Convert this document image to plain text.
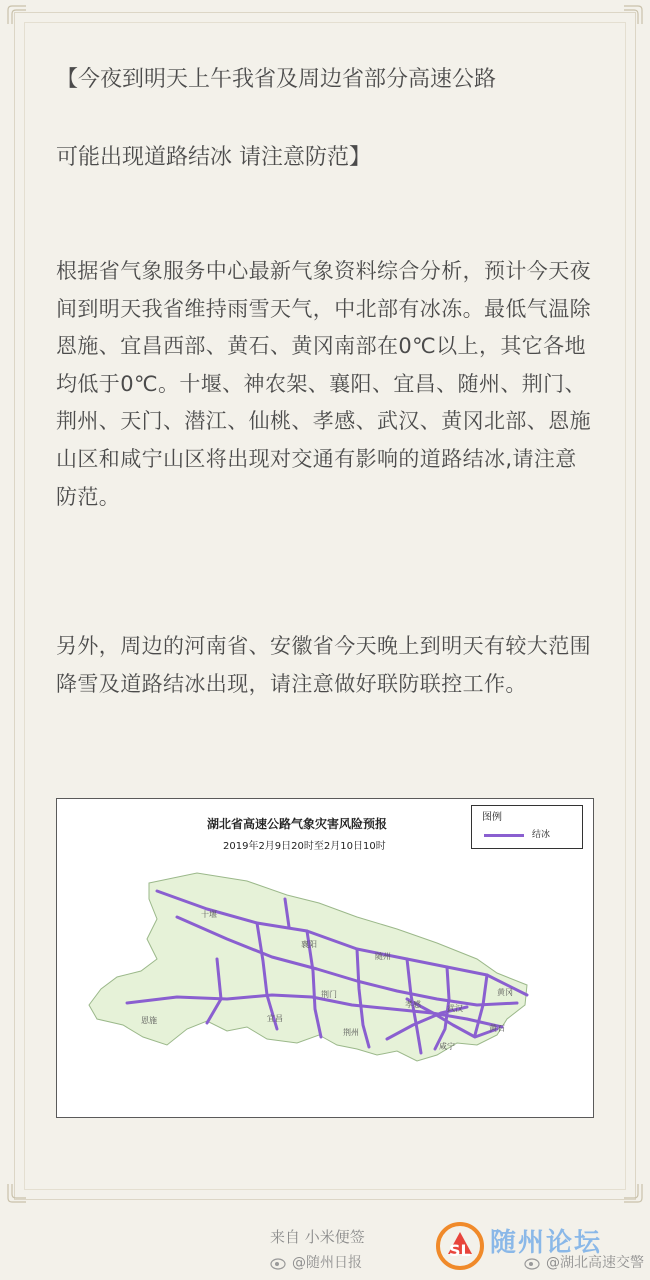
【今夜到明天上午我省及周边省部分高速公路
可能出现道路结冰 请注意防范】

根据省气象服务中心最新气象资料综合分析，预计今天夜间到明天我省维持雨雪天气，中北部有冰冻。最低气温除恩施、宜昌西部、黄石、黄冈南部在0℃以上，其它各地均低于0℃。十堰、神农架、襄阳、宜昌、随州、荆门、荆州、天门、潜江、仙桃、孝感、武汉、黄冈北部、恩施山区和咸宁山区将出现对交通有影响的道路结冰,请注意防范。

另外，周边的河南省、安徽省今天晚上到明天有较大范围降雪及道路结冰出现，请注意做好联防联控工作。

十堰
襄阳
随州
孝感
荆门
宜昌
荆州
武汉
黄石
黄冈
恩施
咸宁
湖北省高速公路气象灾害风险预报
2019年2月9日20时至2月10日10时
图例
结冰
来自 小米便签
@随州日报
SL 随州论坛
@湖北高速交警
